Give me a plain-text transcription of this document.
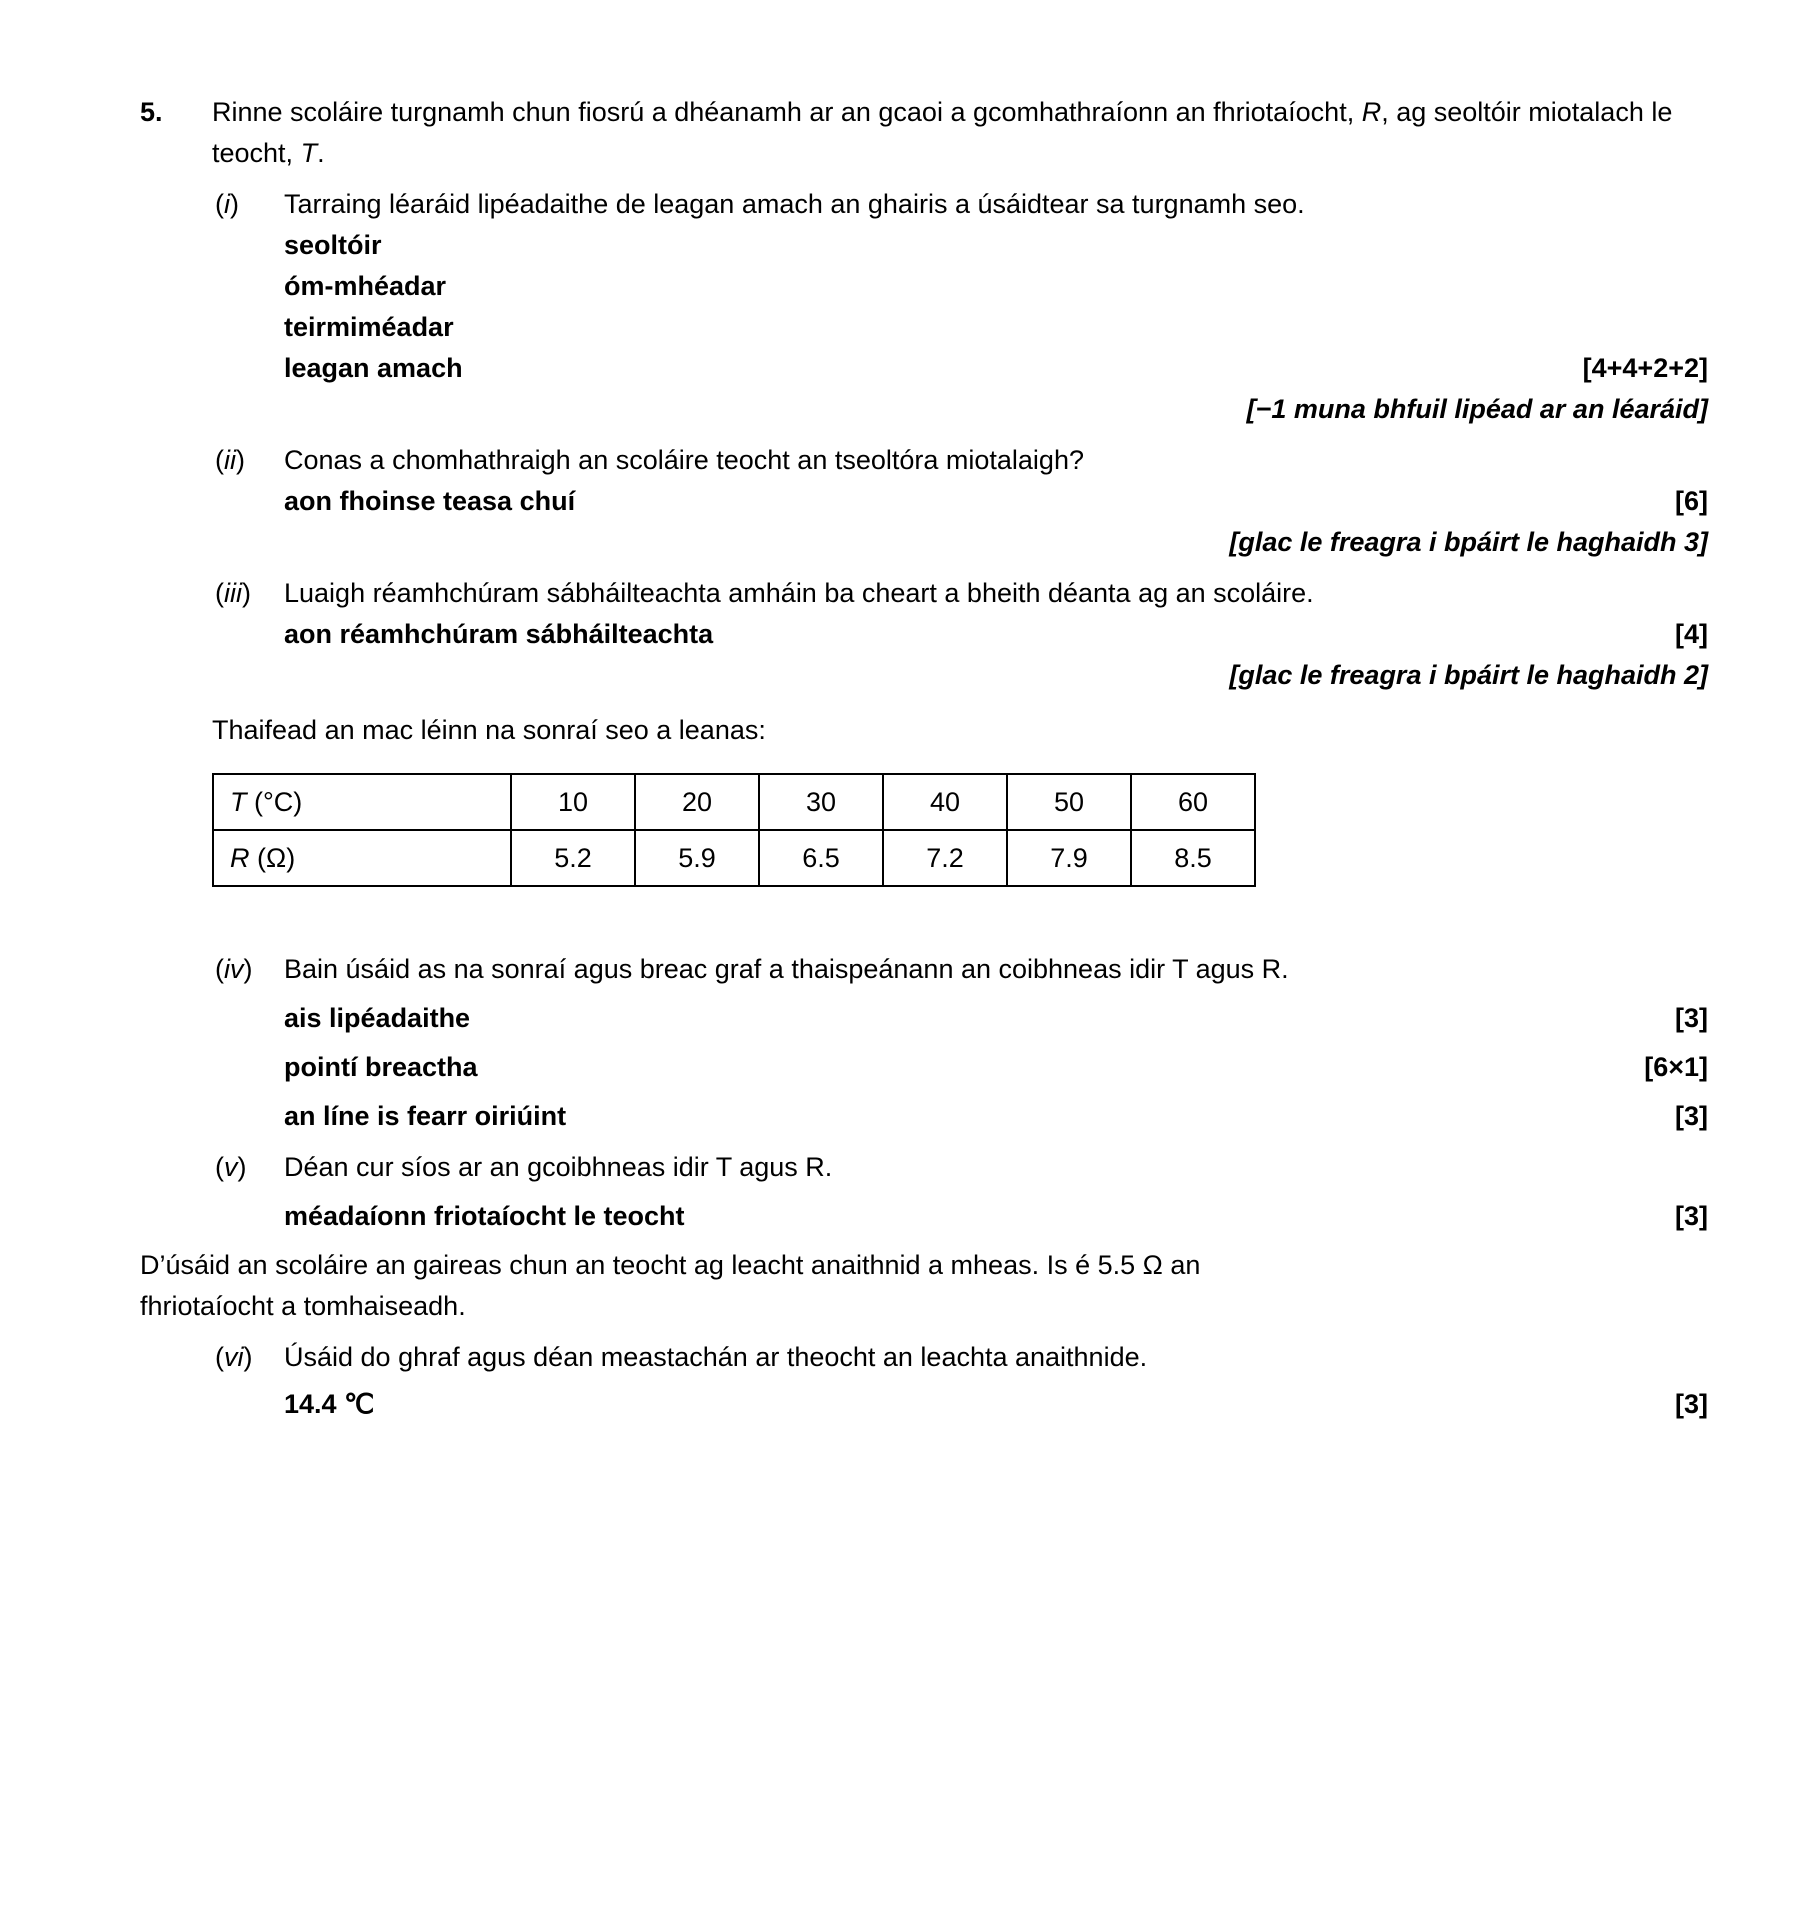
5.	Rinne scoláire turgnamh chun fiosrú a dhéanamh ar an gcaoi a gcomhathraíonn an fhriotaíocht, R, ag seoltóir miotalach le teocht, T.
(i)	Tarraing léaráid lipéadaithe de leagan amach an ghairis a úsáidtear sa turgnamh seo.
seoltóir
óm-mhéadar
teirmiméadar
leagan amach	[4+4+2+2]
[−1 muna bhfuil lipéad ar an léaráid]
(ii)	Conas a chomhathraigh an scoláire teocht an tseoltóra miotalaigh?
aon fhoinse teasa chuí	[6]
[glac le freagra i bpáirt le haghaidh 3]
(iii)	Luaigh réamhchúram sábháilteachta amháin ba cheart a bheith déanta ag an scoláire.
aon réamhchúram sábháilteachta	[4]
[glac le freagra i bpáirt le haghaidh 2]
Thaifead an mac léinn na sonraí seo a leanas:
T (°C)	10	20	30	40	50	60
R (Ω)	5.2	5.9	6.5	7.2	7.9	8.5
(iv)	Bain úsáid as na sonraí agus breac graf a thaispeánann an coibhneas idir T agus R.
ais lipéadaithe	[3]
pointí breactha	[6×1]
an líne is fearr oiriúint	[3]
(v)	Déan cur síos ar an gcoibhneas idir T agus R.
méadaíonn friotaíocht le teocht	[3]
D’úsáid an scoláire an gaireas chun an teocht ag leacht anaithnid a mheas. Is é 5.5 Ω an fhriotaíocht a tomhaiseadh.
(vi)	Úsáid do ghraf agus déan meastachán ar theocht an leachta anaithnide.
14.4 ℃	[3]
